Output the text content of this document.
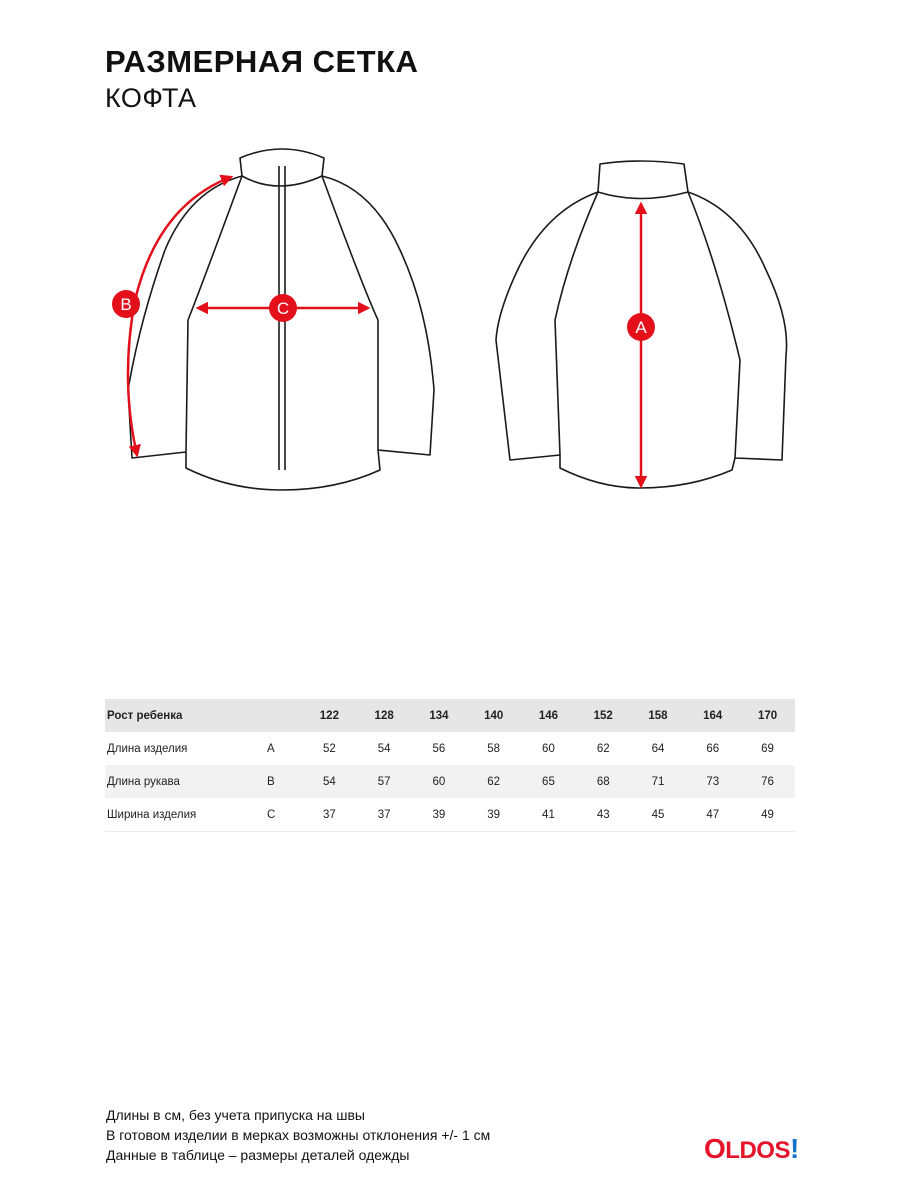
РАЗМЕРНАЯ СЕТКА
КОФТА
B	C
A
Рост ребенка		122	128	134	140	146	152	158	164	170
Длина изделия	A	52	54	56	58	60	62	64	66	69
Длина рукава	B	54	57	60	62	65	68	71	73	76
Ширина изделия	C	37	37	39	39	41	43	45	47	49
Длины в см, без учета припуска на швы
В готовом изделии в мерках возможны отклонения +/- 1 см
Данные в таблице – размеры деталей одежды	OLDOS!
